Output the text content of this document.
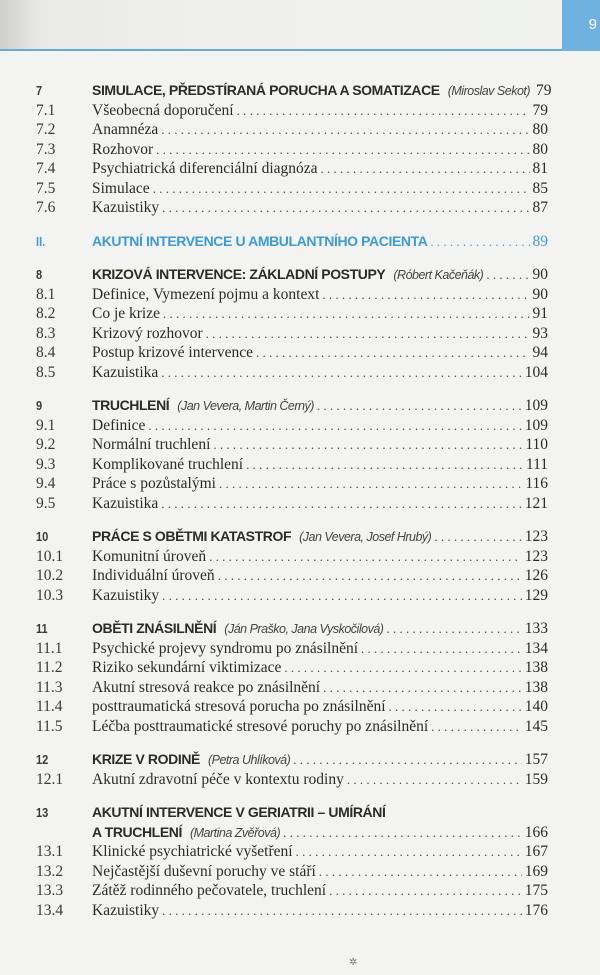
9
7	SIMULACE, PŘEDSTÍRANÁ PORUCHA A SOMATIZACE (Miroslav Sekot) 79
7.1	Všeobecná doporučení . . .	79
7.2	Anamnéza . . .	80
7.3	Rozhovor . . .	80
7.4	Psychiatrická diferenciální diagnóza . . .	81
7.5	Simulace . . .	85
7.6	Kazuistiky . . .	87
II.	AKUTNÍ INTERVENCE U AMBULANTNÍHO PACIENTA . . .	89
8	KRIZOVÁ INTERVENCE: ZÁKLADNÍ POSTUPY (Róbert Kačeňák) . . .	90
8.1	Definice, Vymezení pojmu a kontext . . .	90
8.2	Co je krize . . .	91
8.3	Krizový rozhovor . . .	93
8.4	Postup krizové intervence . . .	94
8.5	Kazuistika . . .	104
9	TRUCHLENÍ (Jan Vevera, Martin Černý) . . .	109
9.1	Definice . . .	109
9.2	Normální truchlení . . .	110
9.3	Komplikované truchlení . . .	111
9.4	Práce s pozůstalými . . .	116
9.5	Kazuistika . . .	121
10	PRÁCE S OBĚTMI KATASTROF (Jan Vevera, Josef Hrubý) . . .	123
10.1	Komunitní úroveň . . .	123
10.2	Individuální úroveň . . .	126
10.3	Kazuistiky . . .	129
11	OBĚTI ZNÁSILNĚNÍ (Ján Praško, Jana Vyskočilová) . . .	133
11.1	Psychické projevy syndromu po znásilnění . . .	134
11.2	Riziko sekundární viktimizace . . .	138
11.3	Akutní stresová reakce po znásilnění . . .	138
11.4	posttraumatická stresová porucha po znásilnění . . .	140
11.5	Léčba posttraumatické stresové poruchy po znásilnění . . .	145
12	KRIZE V RODINĚ (Petra Uhlíková) . . .	157
12.1	Akutní zdravotní péče v kontextu rodiny . . .	159
13	AKUTNÍ INTERVENCE V GERIATRII – UMÍRÁNÍ
A TRUCHLENÍ (Martina Zvěřová) . . .	166
13.1	Klinické psychiatrické vyšetření . . .	167
13.2	Nejčastější duševní poruchy ve stáří . . .	169
13.3	Zátěž rodinného pečovatele, truchlení . . .	175
13.4	Kazuistiky . . .	176
✲
